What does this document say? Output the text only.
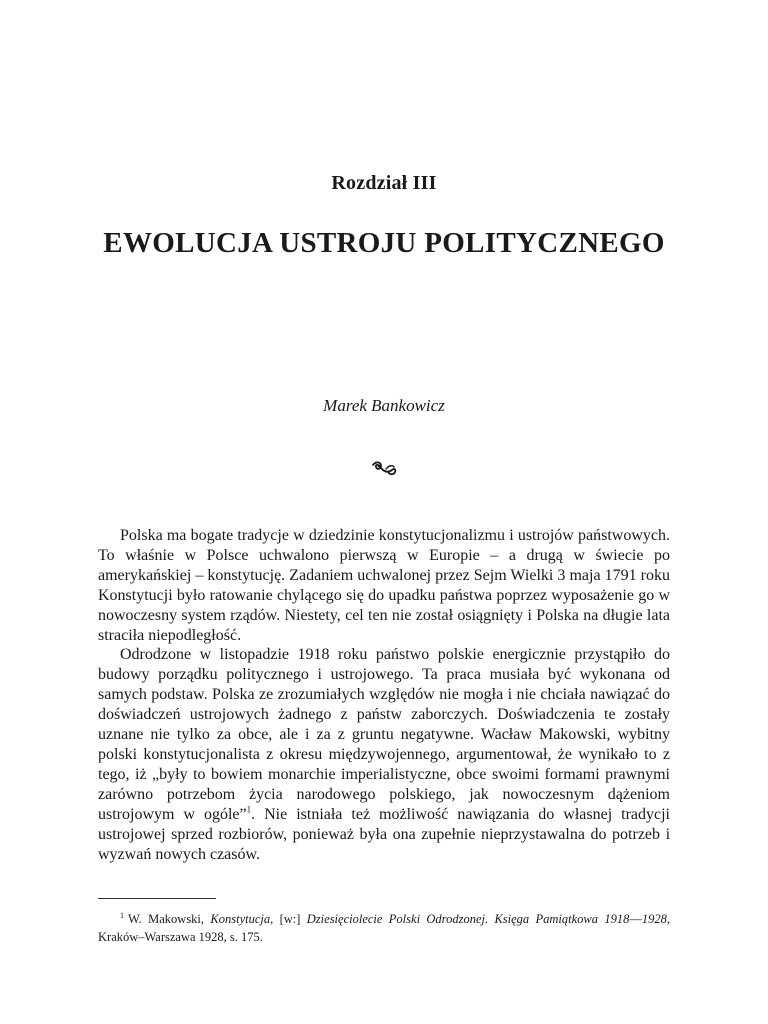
Rozdział III
EWOLUCJA USTROJU POLITYCZNEGO
Marek Bankowicz

Polska ma bogate tradycje w dziedzinie konstytucjonalizmu i ustrojów państwowych. To właśnie w Polsce uchwalono pierwszą w Europie – a drugą w świecie po amerykańskiej – konstytucję. Zadaniem uchwalonej przez Sejm Wielki 3 maja 1791 roku Konstytucji było ratowanie chylącego się do upadku państwa poprzez wyposażenie go w nowoczesny system rządów. Niestety, cel ten nie został osiągnięty i Polska na długie lata straciła niepodległość.

Odrodzone w listopadzie 1918 roku państwo polskie energicznie przystąpiło do budowy porządku politycznego i ustrojowego. Ta praca musiała być wykonana od samych podstaw. Polska ze zrozumiałych względów nie mogła i nie chciała nawiązać do doświadczeń ustrojowych żadnego z państw zaborczych. Doświadczenia te zostały uznane nie tylko za obce, ale i za z gruntu negatywne. Wacław Makowski, wybitny polski konstytucjonalista z okresu międzywojennego, argumentował, że wynikało to z tego, iż „były to bowiem monarchie imperialistyczne, obce swoimi formami prawnymi zarówno potrzebom życia narodowego polskiego, jak nowoczesnym dążeniom ustrojowym w ogóle”$^1$. Nie istniała też możliwość nawiązania do własnej tradycji ustrojowej sprzed rozbiorów, ponieważ była ona zupełnie nieprzystawalna do potrzeb i wyzwań nowych czasów.

$^1$ W. Makowski, Konstytucja, [w:] Dziesięciolecie Polski Odrodzonej. Księga Pamiątkowa 1918––1928, Kraków–Warszawa 1928, s. 175.
